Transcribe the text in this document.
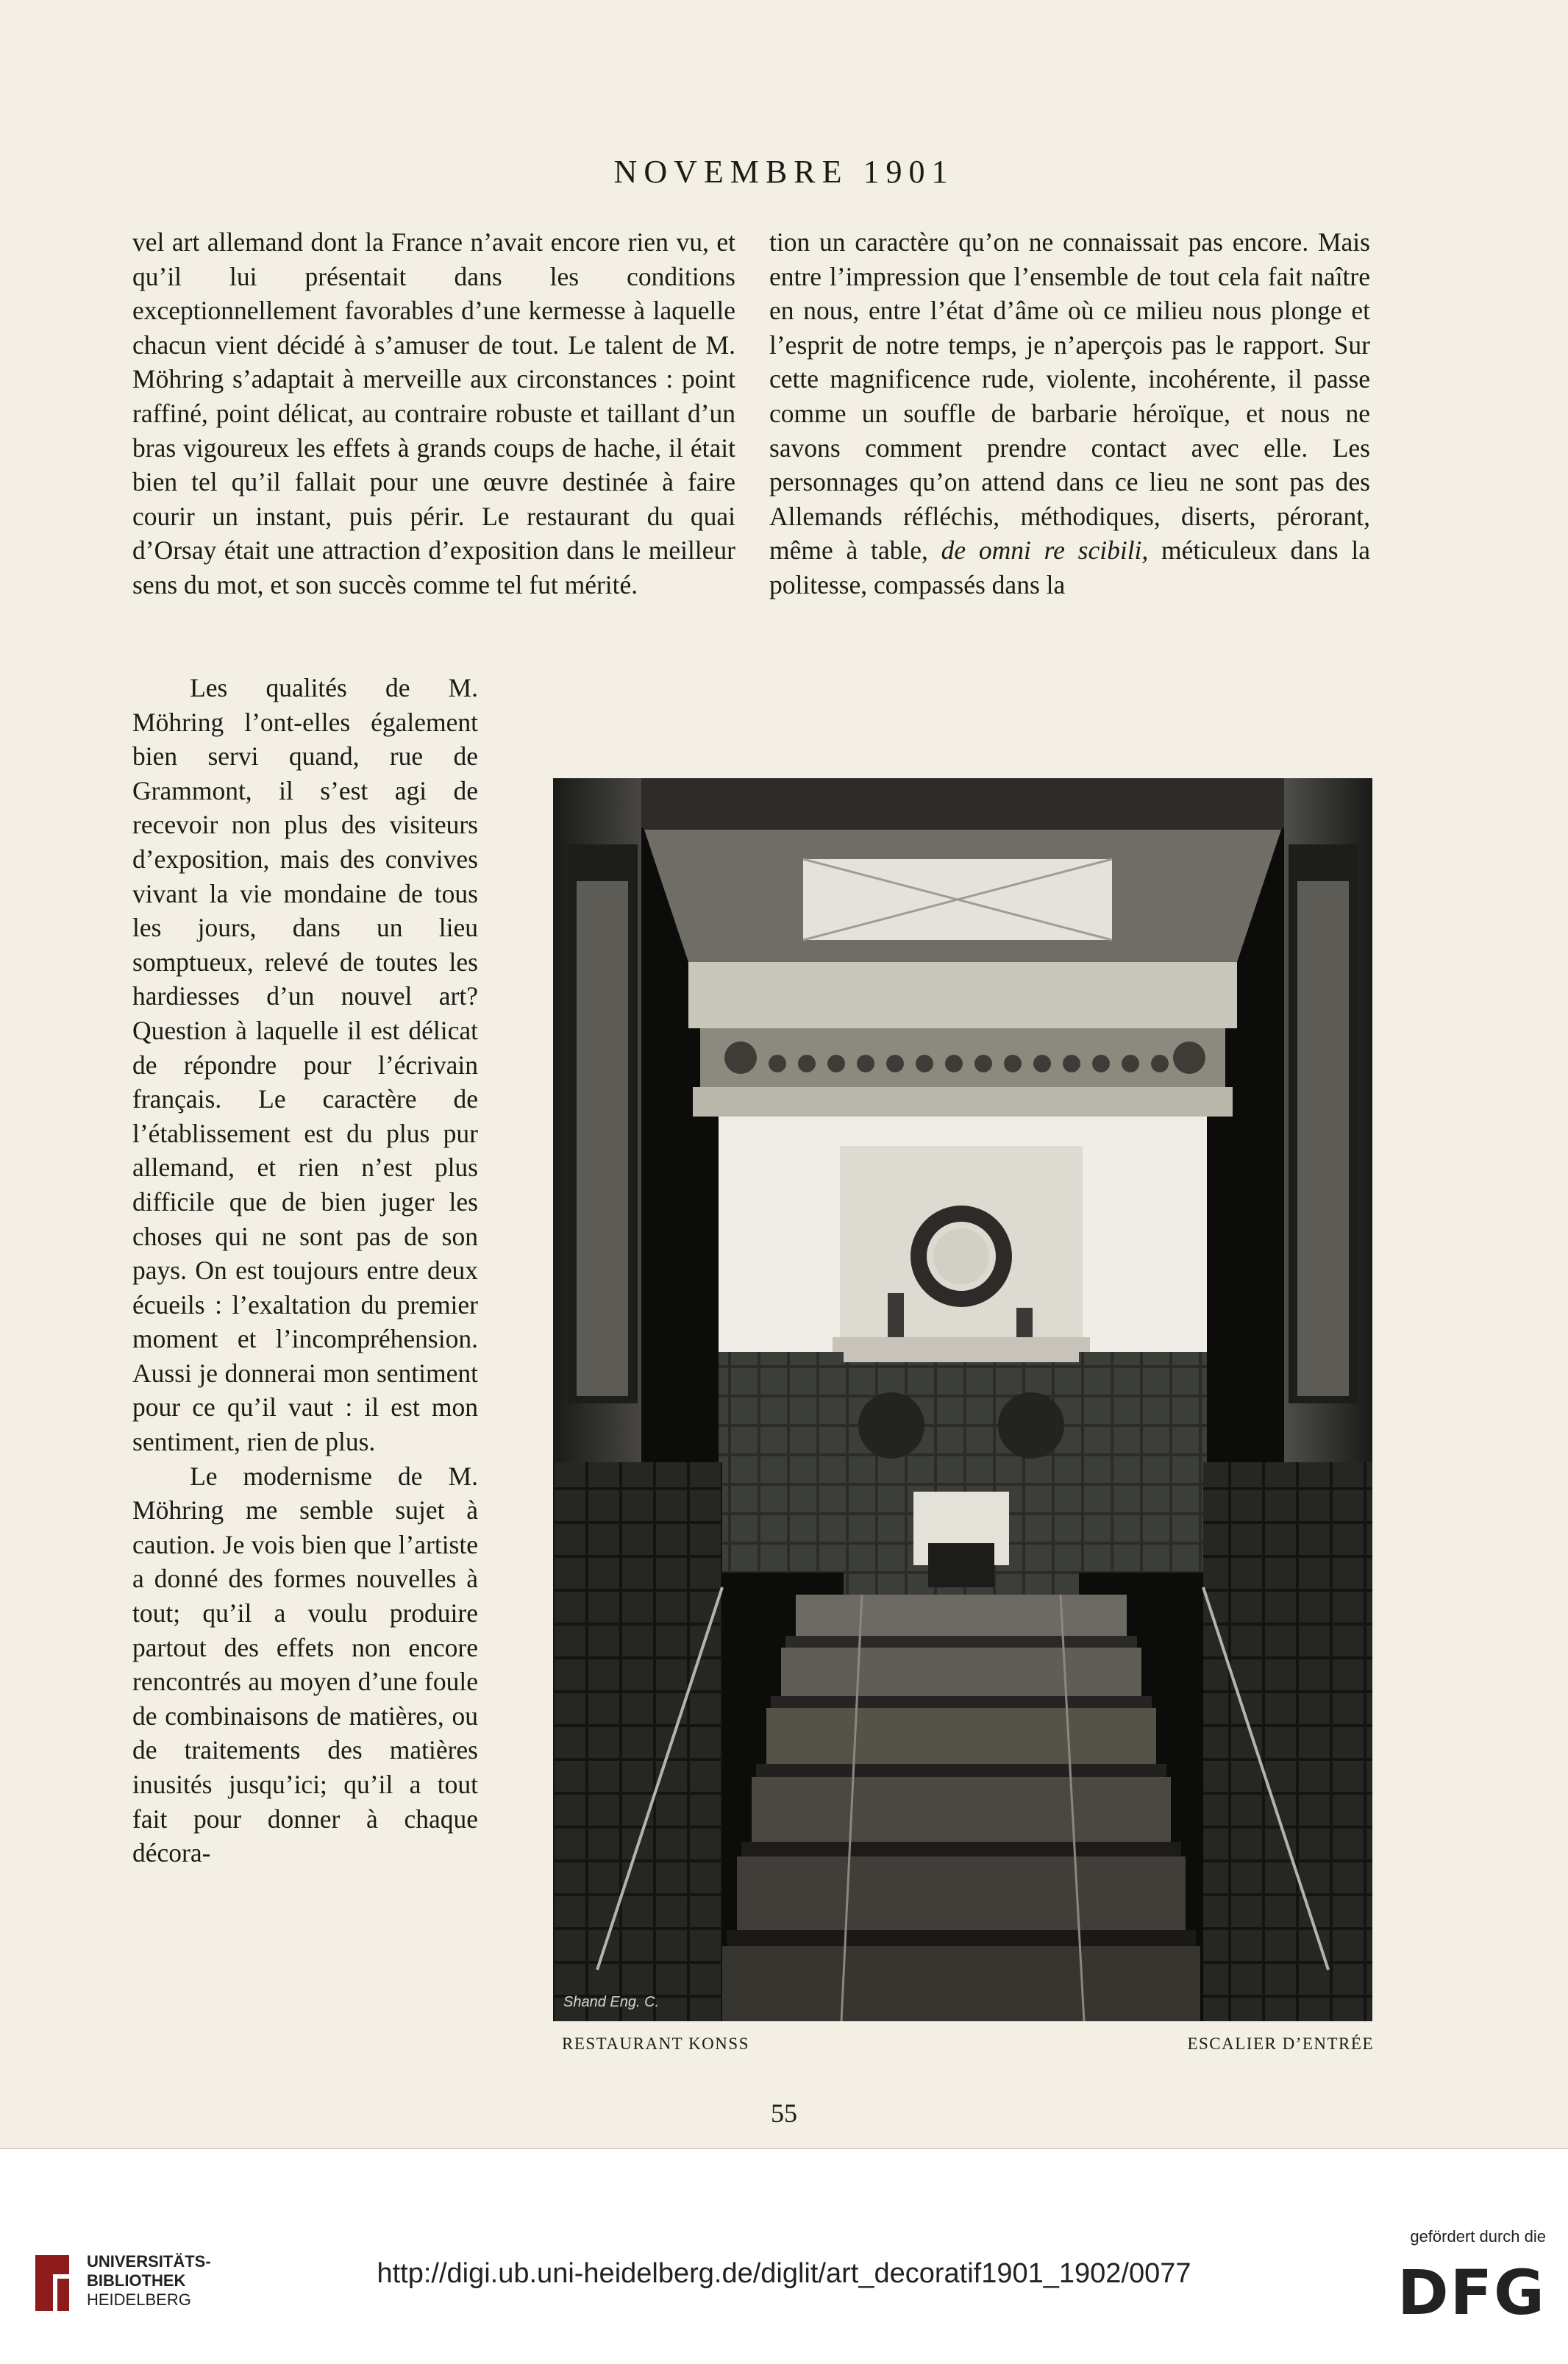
NOVEMBRE 1901

vel art allemand dont la France n’avait encore rien vu, et qu’il lui présentait dans les conditions exceptionnellement favorables d’une kermesse à laquelle chacun vient décidé à s’amuser de tout. Le talent de M. Möhring s’adaptait à merveille aux circonstances : point raffiné, point délicat, au contraire robuste et taillant d’un bras vigoureux les effets à grands coups de hache, il était bien tel qu’il fallait pour une œuvre destinée à faire courir un instant, puis périr. Le restaurant du quai d’Orsay était une attraction d’exposition dans le meilleur sens du mot, et son succès comme tel fut mérité.

Les qualités de M. Möhring l’ont-elles également bien servi quand, rue de Grammont, il s’est agi de recevoir non plus des visiteurs d’exposition, mais des convives vivant la vie mondaine de tous les jours, dans un lieu somptueux, relevé de toutes les hardiesses d’un nouvel art? Question à laquelle il est délicat de répondre pour l’écrivain français. Le caractère de l’établissement est du plus pur allemand, et rien n’est plus difficile que de bien juger les choses qui ne sont pas de son pays. On est toujours entre deux écueils : l’exaltation du premier moment et l’incompréhension. Aussi je donnerai mon sentiment pour ce qu’il vaut : il est mon sentiment, rien de plus.

Le modernisme de M. Möhring me semble sujet à caution. Je vois bien que l’artiste a donné des formes nouvelles à tout; qu’il a voulu produire partout des effets non encore rencontrés au moyen d’une foule de combinaisons de matières, ou de traitements des matières inusités jusqu’ici; qu’il a tout fait pour donner à chaque décora-

tion un caractère qu’on ne connaissait pas encore. Mais entre l’impression que l’ensemble de tout cela fait naître en nous, entre l’état d’âme où ce milieu nous plonge et l’esprit de notre temps, je n’aperçois pas le rapport. Sur cette magnificence rude, violente, incohérente, il passe comme un souffle de barbarie héroïque, et nous ne savons comment prendre contact avec elle. Les personnages qu’on attend dans ce lieu ne sont pas des Allemands réfléchis, méthodiques, diserts, pérorant, même à table, de omni re scibili, méticuleux dans la politesse, compassés dans la

Shand Eng. C.
RESTAURANT KONSS	ESCALIER D’ENTRÉE
55
UNIVERSITÄTS-
BIBLIOTHEK
HEIDELBERG
http://digi.ub.uni-heidelberg.de/diglit/art_decoratif1901_1902/0077
gefördert durch die
DFG
